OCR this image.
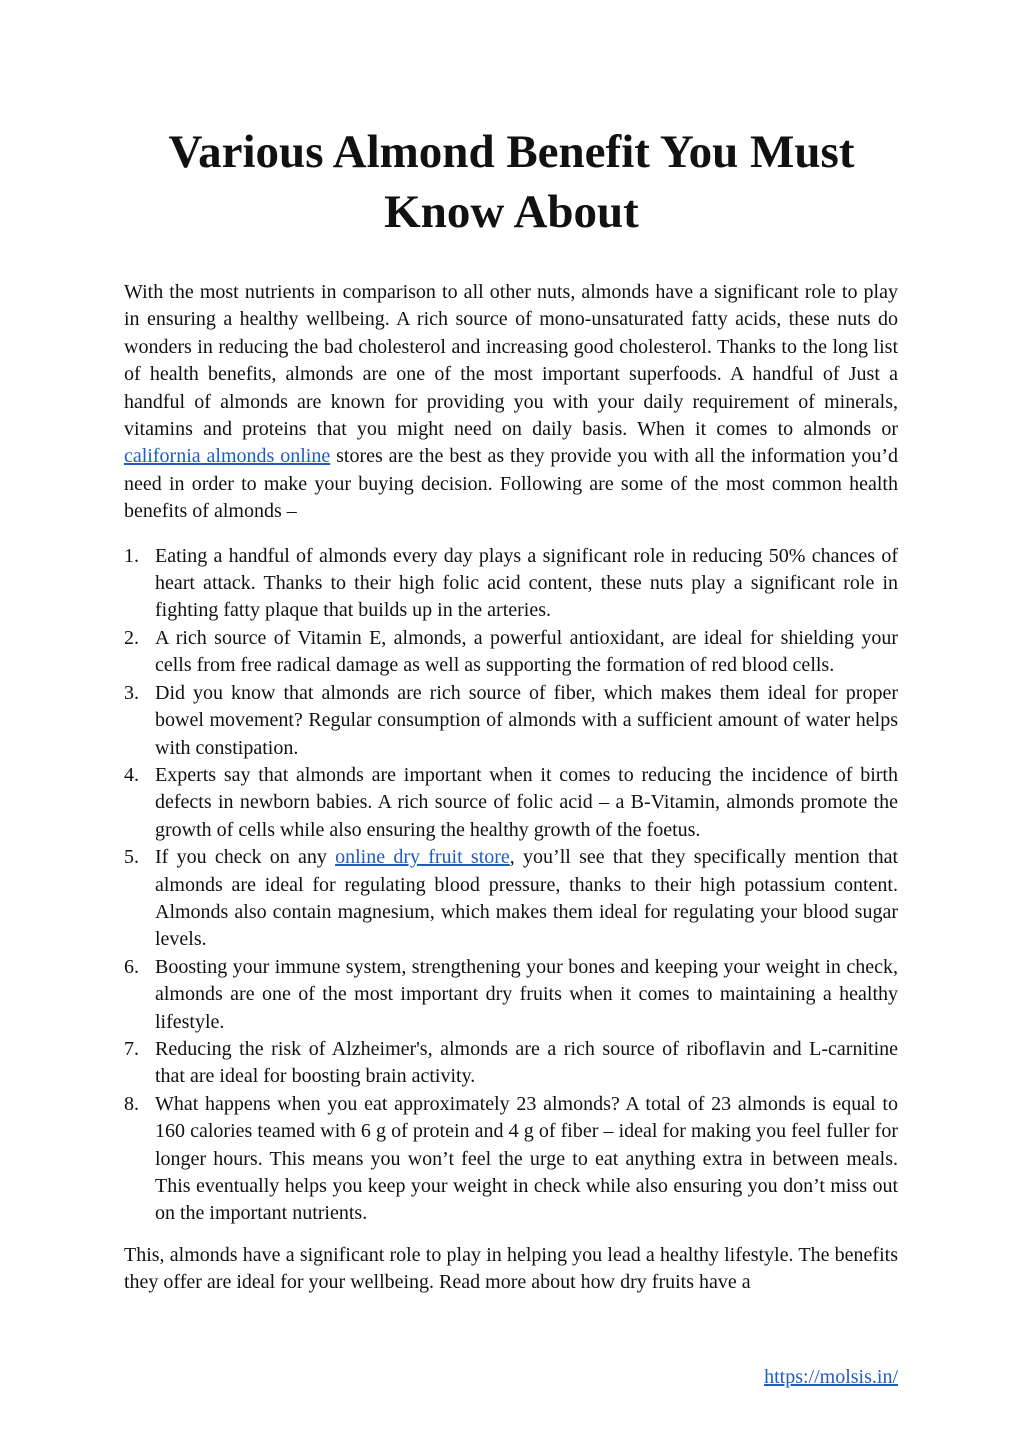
Various Almond Benefit You Must Know About

With the most nutrients in comparison to all other nuts, almonds have a significant role to play in ensuring a healthy wellbeing. A rich source of mono-unsaturated fatty acids, these nuts do wonders in reducing the bad cholesterol and increasing good cholesterol. Thanks to the long list of health benefits, almonds are one of the most important superfoods. A handful of Just a handful of almonds are known for providing you with your daily requirement of minerals, vitamins and proteins that you might need on daily basis. When it comes to almonds or california almonds online stores are the best as they provide you with all the information you’d need in order to make your buying decision. Following are some of the most common health benefits of almonds –

1. Eating a handful of almonds every day plays a significant role in reducing 50% chances of heart attack. Thanks to their high folic acid content, these nuts play a significant role in fighting fatty plaque that builds up in the arteries.
2. A rich source of Vitamin E, almonds, a powerful antioxidant, are ideal for shielding your cells from free radical damage as well as supporting the formation of red blood cells.
3. Did you know that almonds are rich source of fiber, which makes them ideal for proper bowel movement? Regular consumption of almonds with a sufficient amount of water helps with constipation.
4. Experts say that almonds are important when it comes to reducing the incidence of birth defects in newborn babies. A rich source of folic acid – a B-Vitamin, almonds promote the growth of cells while also ensuring the healthy growth of the foetus.
5. If you check on any online dry fruit store, you’ll see that they specifically mention that almonds are ideal for regulating blood pressure, thanks to their high potassium content. Almonds also contain magnesium, which makes them ideal for regulating your blood sugar levels.
6. Boosting your immune system, strengthening your bones and keeping your weight in check, almonds are one of the most important dry fruits when it comes to maintaining a healthy lifestyle.
7. Reducing the risk of Alzheimer's, almonds are a rich source of riboflavin and L-carnitine that are ideal for boosting brain activity.
8. What happens when you eat approximately 23 almonds? A total of 23 almonds is equal to 160 calories teamed with 6 g of protein and 4 g of fiber – ideal for making you feel fuller for longer hours. This means you won’t feel the urge to eat anything extra in between meals. This eventually helps you keep your weight in check while also ensuring you don’t miss out on the important nutrients.

This, almonds have a significant role to play in helping you lead a healthy lifestyle. The benefits they offer are ideal for your wellbeing. Read more about how dry fruits have a

https://molsis.in/
